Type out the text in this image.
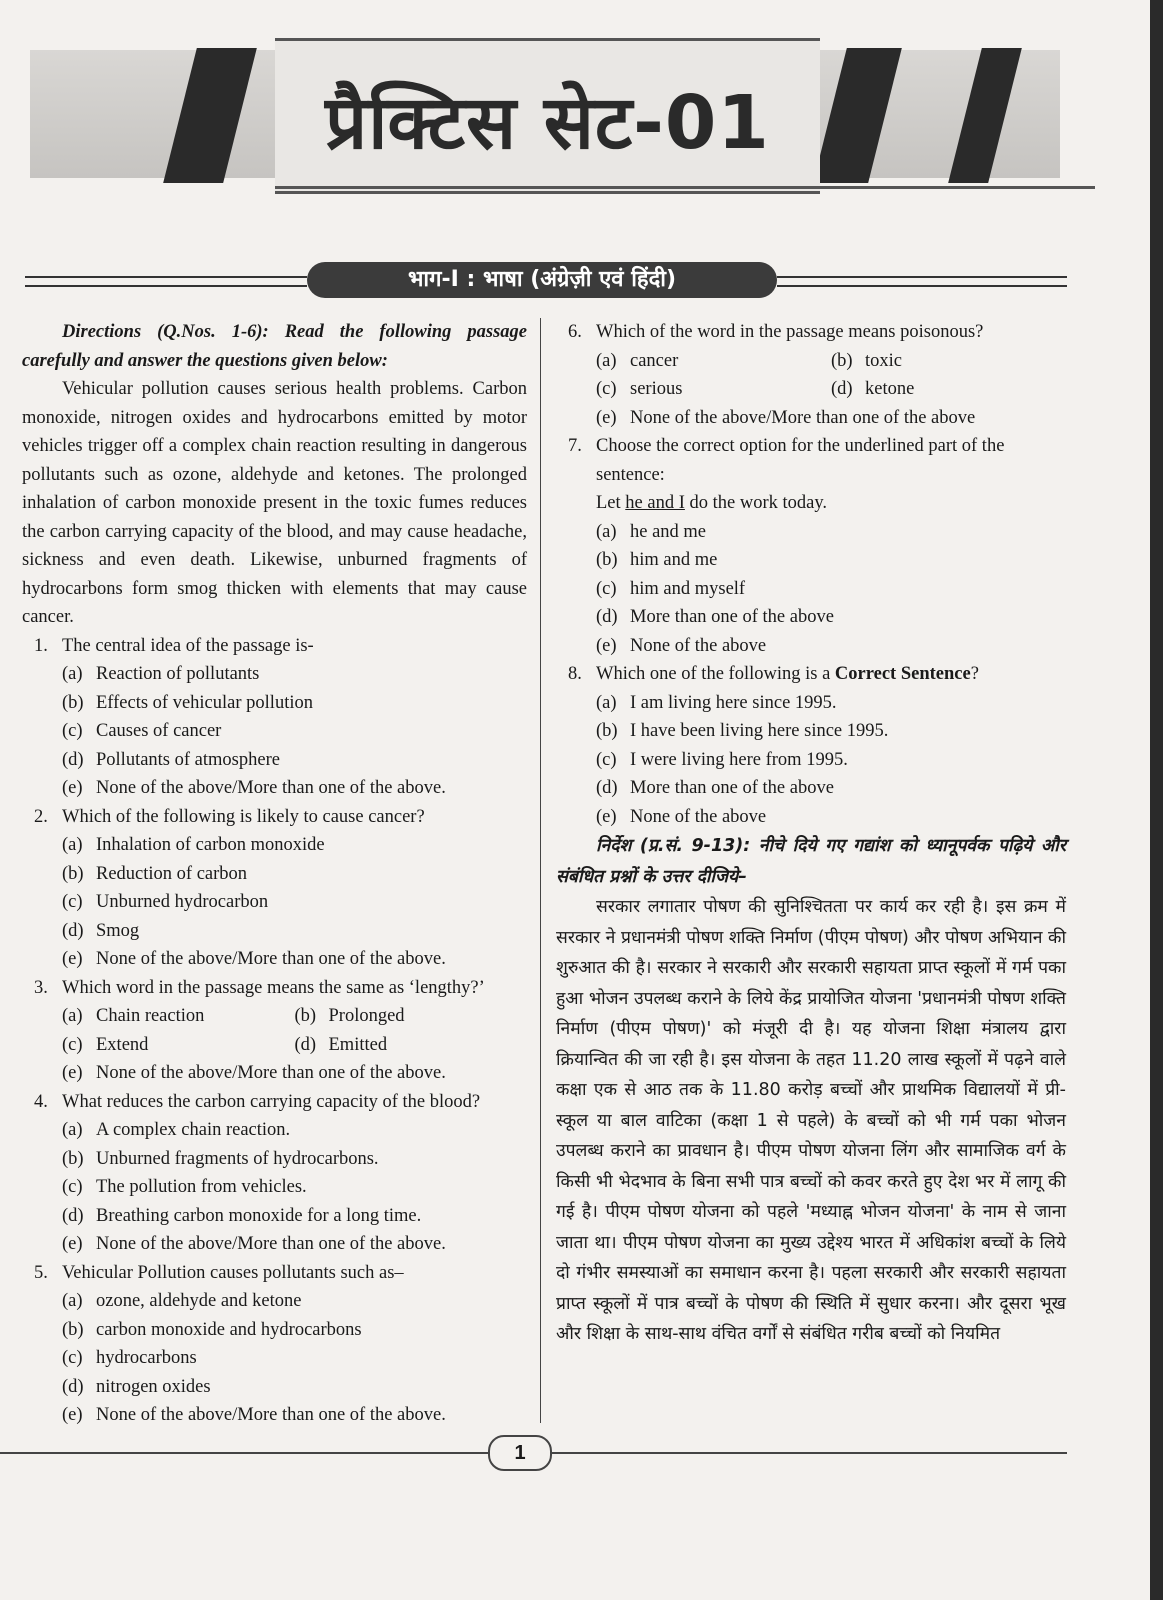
प्रैक्टिस सेट-01
भाग-I : भाषा (अंग्रेज़ी एवं हिंदी)
Directions (Q.Nos. 1-6): Read the following passage carefully and answer the questions given below:
Vehicular pollution causes serious health problems. Carbon monoxide, nitrogen oxides and hydrocarbons emitted by motor vehicles trigger off a complex chain reaction resulting in dangerous pollutants such as ozone, aldehyde and ketones. The prolonged inhalation of carbon monoxide present in the toxic fumes reduces the carbon carrying capacity of the blood, and may cause headache, sickness and even death. Likewise, unburned fragments of hydrocarbons form smog thicken with elements that may cause cancer.
1. The central idea of the passage is-
(a) Reaction of pollutants
(b) Effects of vehicular pollution
(c) Causes of cancer
(d) Pollutants of atmosphere
(e) None of the above/More than one of the above.
2. Which of the following is likely to cause cancer?
(a) Inhalation of carbon monoxide
(b) Reduction of carbon
(c) Unburned hydrocarbon
(d) Smog
(e) None of the above/More than one of the above.
3. Which word in the passage means the same as ‘lengthy?’
(a) Chain reaction	(b) Prolonged
(c) Extend	(d) Emitted
(e) None of the above/More than one of the above.
4. What reduces the carbon carrying capacity of the blood?
(a) A complex chain reaction.
(b) Unburned fragments of hydrocarbons.
(c) The pollution from vehicles.
(d) Breathing carbon monoxide for a long time.
(e) None of the above/More than one of the above.
5. Vehicular Pollution causes pollutants such as–
(a) ozone, aldehyde and ketone
(b) carbon monoxide and hydrocarbons
(c) hydrocarbons
(d) nitrogen oxides
(e) None of the above/More than one of the above.
6. Which of the word in the passage means poisonous?
(a) cancer	(b) toxic
(c) serious	(d) ketone
(e) None of the above/More than one of the above
7. Choose the correct option for the underlined part of the sentence:
Let he and I do the work today.
(a) he and me
(b) him and me
(c) him and myself
(d) More than one of the above
(e) None of the above
8. Which one of the following is a Correct Sentence?
(a) I am living here since 1995.
(b) I have been living here since 1995.
(c) I were living here from 1995.
(d) More than one of the above
(e) None of the above
निर्देश (प्र.सं. 9-13): नीचे दिये गए गद्यांश को ध्यानूपर्वक पढ़िये और संबंधित प्रश्नों के उत्तर दीजिये–
सरकार लगातार पोषण की सुनिश्चितता पर कार्य कर रही है। इस क्रम में सरकार ने प्रधानमंत्री पोषण शक्ति निर्माण (पीएम पोषण) और पोषण अभियान की शुरुआत की है। सरकार ने सरकारी और सरकारी सहायता प्राप्त स्कूलों में गर्म पका हुआ भोजन उपलब्ध कराने के लिये केंद्र प्रायोजित योजना 'प्रधानमंत्री पोषण शक्ति निर्माण (पीएम पोषण)' को मंजूरी दी है। यह योजना शिक्षा मंत्रालय द्वारा क्रियान्वित की जा रही है। इस योजना के तहत 11.20 लाख स्कूलों में पढ़ने वाले कक्षा एक से आठ तक के 11.80 करोड़ बच्चों और प्राथमिक विद्यालयों में प्री-स्कूल या बाल वाटिका (कक्षा 1 से पहले) के बच्चों को भी गर्म पका भोजन उपलब्ध कराने का प्रावधान है। पीएम पोषण योजना लिंग और सामाजिक वर्ग के किसी भी भेदभाव के बिना सभी पात्र बच्चों को कवर करते हुए देश भर में लागू की गई है। पीएम पोषण योजना को पहले 'मध्याह्न भोजन योजना' के नाम से जाना जाता था। पीएम पोषण योजना का मुख्य उद्देश्य भारत में अधिकांश बच्चों के लिये दो गंभीर समस्याओं का समाधान करना है। पहला सरकारी और सरकारी सहायता प्राप्त स्कूलों में पात्र बच्चों के पोषण की स्थिति में सुधार करना। और दूसरा भूख और शिक्षा के साथ-साथ वंचित वर्गों से संबंधित गरीब बच्चों को नियमित
1
